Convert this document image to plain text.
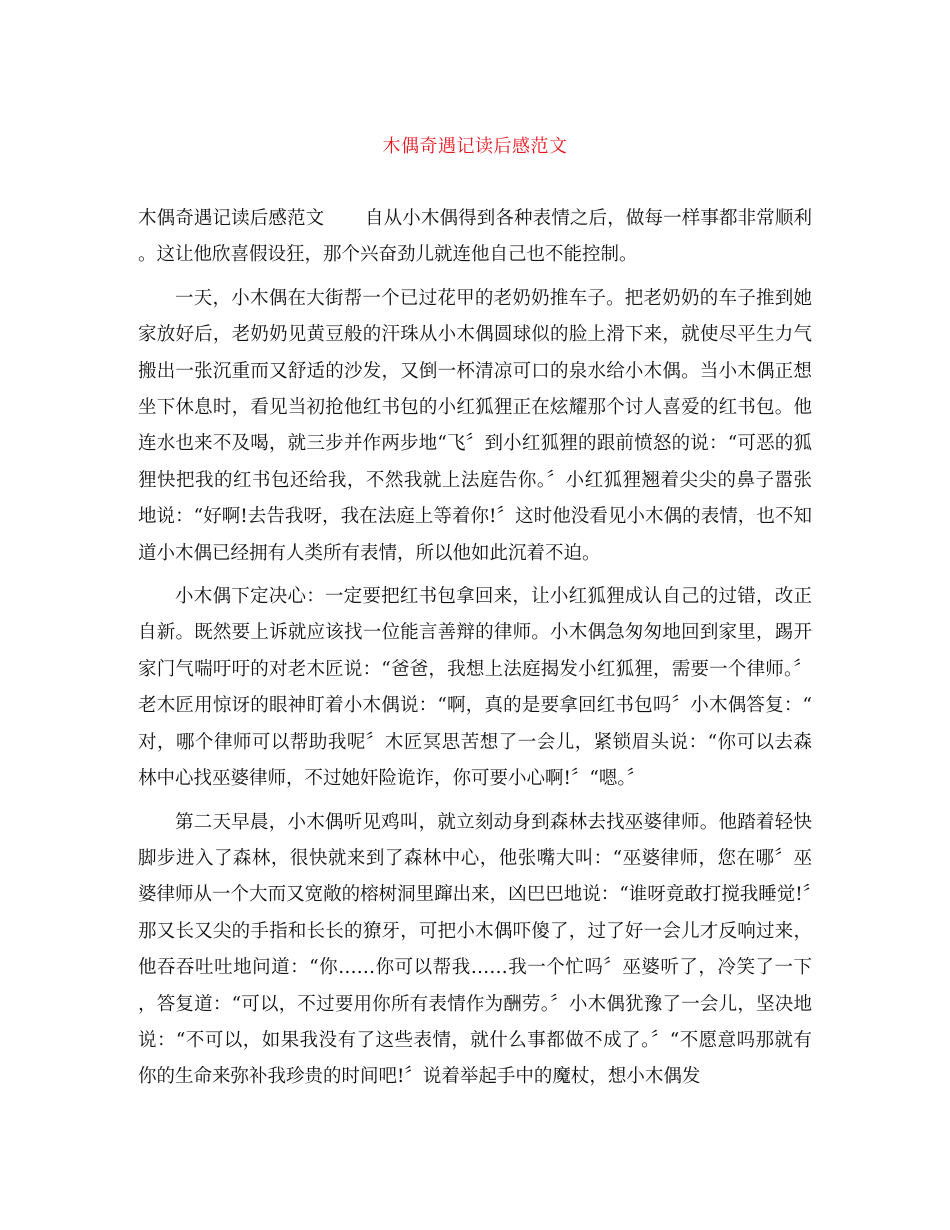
木偶奇遇记读后感范文

木偶奇遇记读后感范文 自从小木偶得到各种表情之后，做每一样事都非常顺利。这让他欣喜假设狂，那个兴奋劲儿就连他自己也不能控制。

一天，小木偶在大街帮一个已过花甲的老奶奶推车子。把老奶奶的车子推到她家放好后，老奶奶见黄豆般的汗珠从小木偶圆球似的脸上滑下来，就使尽平生力气搬出一张沉重而又舒适的沙发，又倒一杯清凉可口的泉水给小木偶。当小木偶正想坐下休息时，看见当初抢他红书包的小红狐狸正在炫耀那个讨人喜爱的红书包。他连水也来不及喝，就三步并作两步地“飞〞到小红狐狸的跟前愤怒的说：“可恶的狐狸快把我的红书包还给我，不然我就上法庭告你。〞小红狐狸翘着尖尖的鼻子嚣张地说：“好啊!去告我呀，我在法庭上等着你!〞这时他没看见小木偶的表情，也不知道小木偶已经拥有人类所有表情，所以他如此沉着不迫。

小木偶下定决心：一定要把红书包拿回来，让小红狐狸成认自己的过错，改正自新。既然要上诉就应该找一位能言善辩的律师。小木偶急匆匆地回到家里，踢开家门气喘吁吁的对老木匠说：“爸爸，我想上法庭揭发小红狐狸，需要一个律师。〞老木匠用惊讶的眼神盯着小木偶说：“啊，真的是要拿回红书包吗〞小木偶答复：“对，哪个律师可以帮助我呢〞木匠冥思苦想了一会儿，紧锁眉头说：“你可以去森林中心找巫婆律师，不过她奸险诡诈，你可要小心啊!〞“嗯。〞

第二天早晨，小木偶听见鸡叫，就立刻动身到森林去找巫婆律师。他踏着轻快脚步进入了森林，很快就来到了森林中心，他张嘴大叫：“巫婆律师，您在哪〞巫婆律师从一个大而又宽敞的榕树洞里蹿出来，凶巴巴地说：“谁呀竟敢打搅我睡觉!〞那又长又尖的手指和长长的獠牙，可把小木偶吓傻了，过了好一会儿才反响过来，他吞吞吐吐地问道：“你……你可以帮我……我一个忙吗〞巫婆听了，冷笑了一下，答复道：“可以，不过要用你所有表情作为酬劳。〞小木偶犹豫了一会儿，坚决地说：“不可以，如果我没有了这些表情，就什么事都做不成了。〞“不愿意吗那就有你的生命来弥补我珍贵的时间吧!〞说着举起手中的魔杖，想小木偶发
